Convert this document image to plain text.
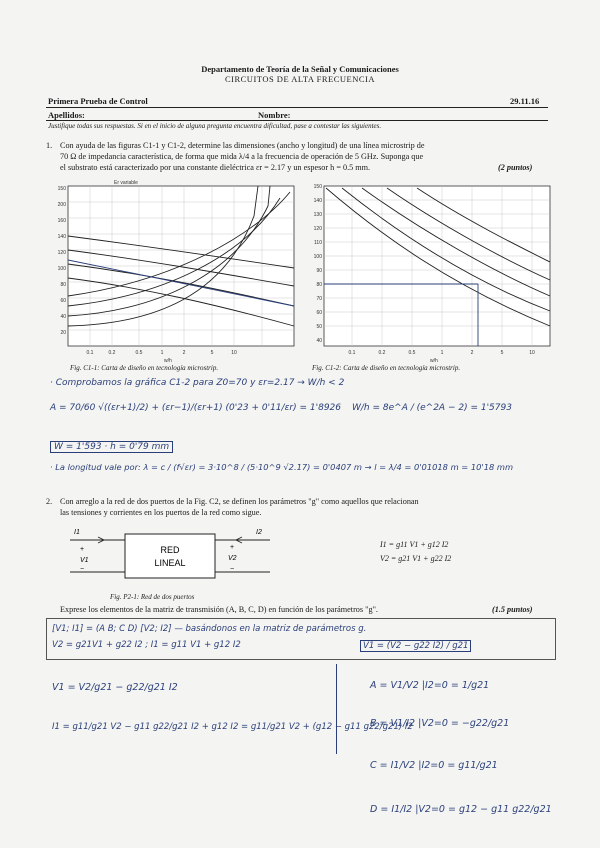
Departamento de Teoría de la Señal y Comunicaciones
CIRCUITOS DE ALTA FRECUENCIA
Primera Prueba de Control	29.11.16
Apellidos:	Nombre:
Justifique todas sus respuestas. Si en el inicio de alguna pregunta encuentra dificultad, pase a contestar las siguientes.
1. Con ayuda de las figuras C1-1 y C1-2, determine las dimensiones (ancho y longitud) de una línea microstrip de
70 Ω de impedancia característica, de forma que mida λ/4 a la frecuencia de operación de 5 GHz. Suponga que
el substrato está caracterizado por una constante dieléctrica εr = 2.17 y un espesor h = 0.5 mm.	(2 puntos)
Er variable
150
200
160
140
120
100
80
60
40
20
0.1	0.2	0.5	1	2	5	10
w/h
150
140
130
120
110
100
90
80
70
60
50
40
0.1	0.2	0.5	1	2	5	10
w/h
Fig. C1-1: Carta de diseño en tecnología microstrip.	Fig. C1-2: Carta de diseño en tecnología microstrip.
· Comprobamos la gráfica C1-2 para Z0=70 y εr=2.17 → W/h < 2
A = 70/60 √((εr+1)/2) + (εr−1)/(εr+1) (0'23 + 0'11/εr) = 1'8926 W/h = 8e^A / (e^2A − 2) = 1'5793
W = 1'593 · h = 0'79 mm
· La longitud vale por: λ = c / (f√εr) = 3·10^8 / (5·10^9 √2.17) = 0'0407 m → l = λ/4 = 0'01018 m = 10'18 mm
2. Con arreglo a la red de dos puertos de la Fig. C2, se definen los parámetros "g" como aquellos que relacionan
las tensiones y corrientes en los puertos de la red como sigue.
RED
LINEAL
I1	I2
V1	V2
+
−
+
−
I1 = g11 V1 + g12 I2
V2 = g21 V1 + g22 I2
Fig. P2-1: Red de dos puertos
Exprese los elementos de la matriz de transmisión (A, B, C, D) en función de los parámetros "g".	(1.5 puntos)
[V1; I1] = (A B; C D) [V2; I2] — basándonos en la matriz de parámetros g.
V2 = g21V1 + g22 I2 ; I1 = g11 V1 + g12 I2	V1 = (V2 − g22 I2) / g21
V1 = V2/g21 − g22/g21 I2
I1 = g11/g21 V2 − g11 g22/g21 I2 + g12 I2 = g11/g21 V2 + (g12 − g11 g22/g21) I2
A = V1/V2 |I2=0 = 1/g21
B = V1/I2 |V2=0 = −g22/g21
C = I1/V2 |I2=0 = g11/g21
D = I1/I2 |V2=0 = g12 − g11 g22/g21
